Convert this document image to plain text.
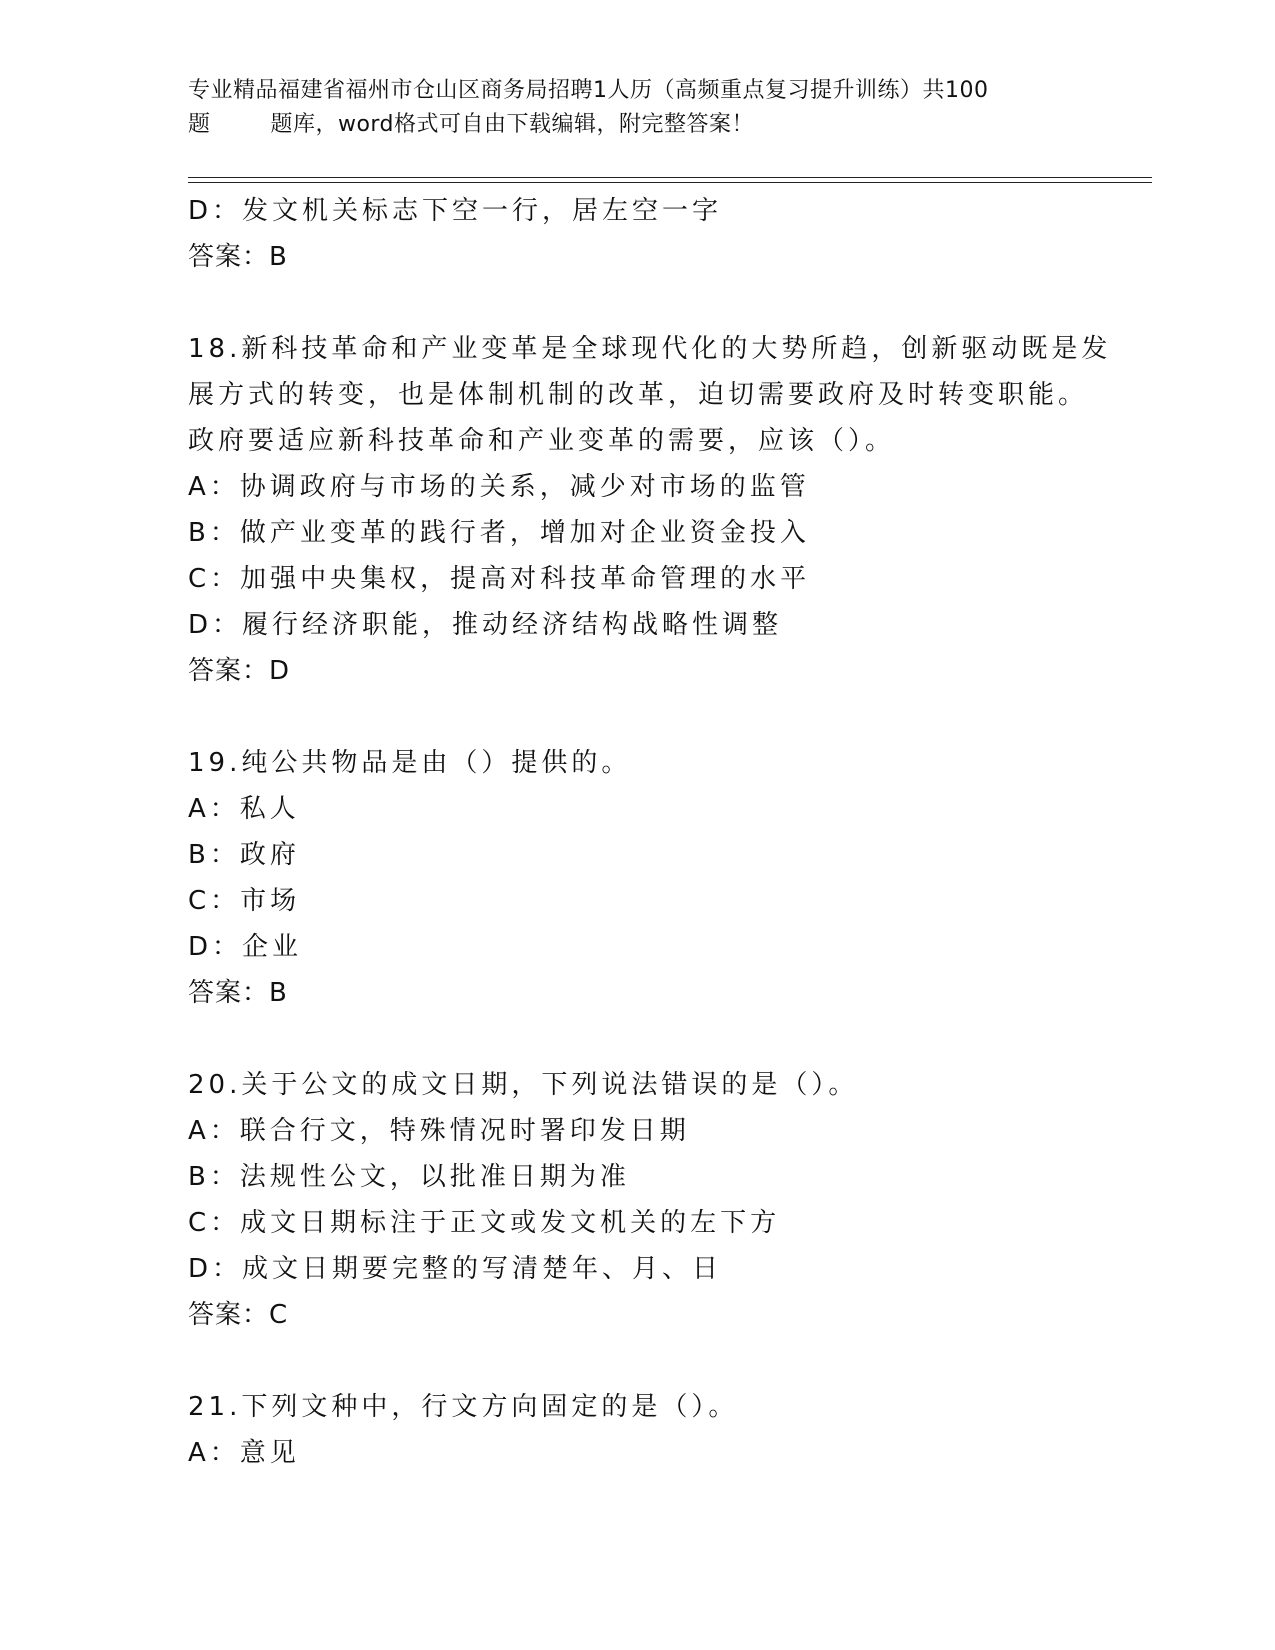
专业精品福建省福州市仓山区商务局招聘1人历（高频重点复习提升训练）共100
题        题库，word格式可自由下载编辑，附完整答案！
D：发文机关标志下空一行，居左空一字
答案：B
18.新科技革命和产业变革是全球现代化的大势所趋，创新驱动既是发
展方式的转变，也是体制机制的改革，迫切需要政府及时转变职能。
政府要适应新科技革命和产业变革的需要，应该（）。
A：协调政府与市场的关系，减少对市场的监管
B：做产业变革的践行者，增加对企业资金投入
C：加强中央集权，提高对科技革命管理的水平
D：履行经济职能，推动经济结构战略性调整
答案：D
19.纯公共物品是由（）提供的。
A：私人
B：政府
C：市场
D：企业
答案：B
20.关于公文的成文日期，下列说法错误的是（）。
A：联合行文，特殊情况时署印发日期
B：法规性公文，以批准日期为准
C：成文日期标注于正文或发文机关的左下方
D：成文日期要完整的写清楚年、月、日
答案：C
21.下列文种中，行文方向固定的是（）。
A：意见
